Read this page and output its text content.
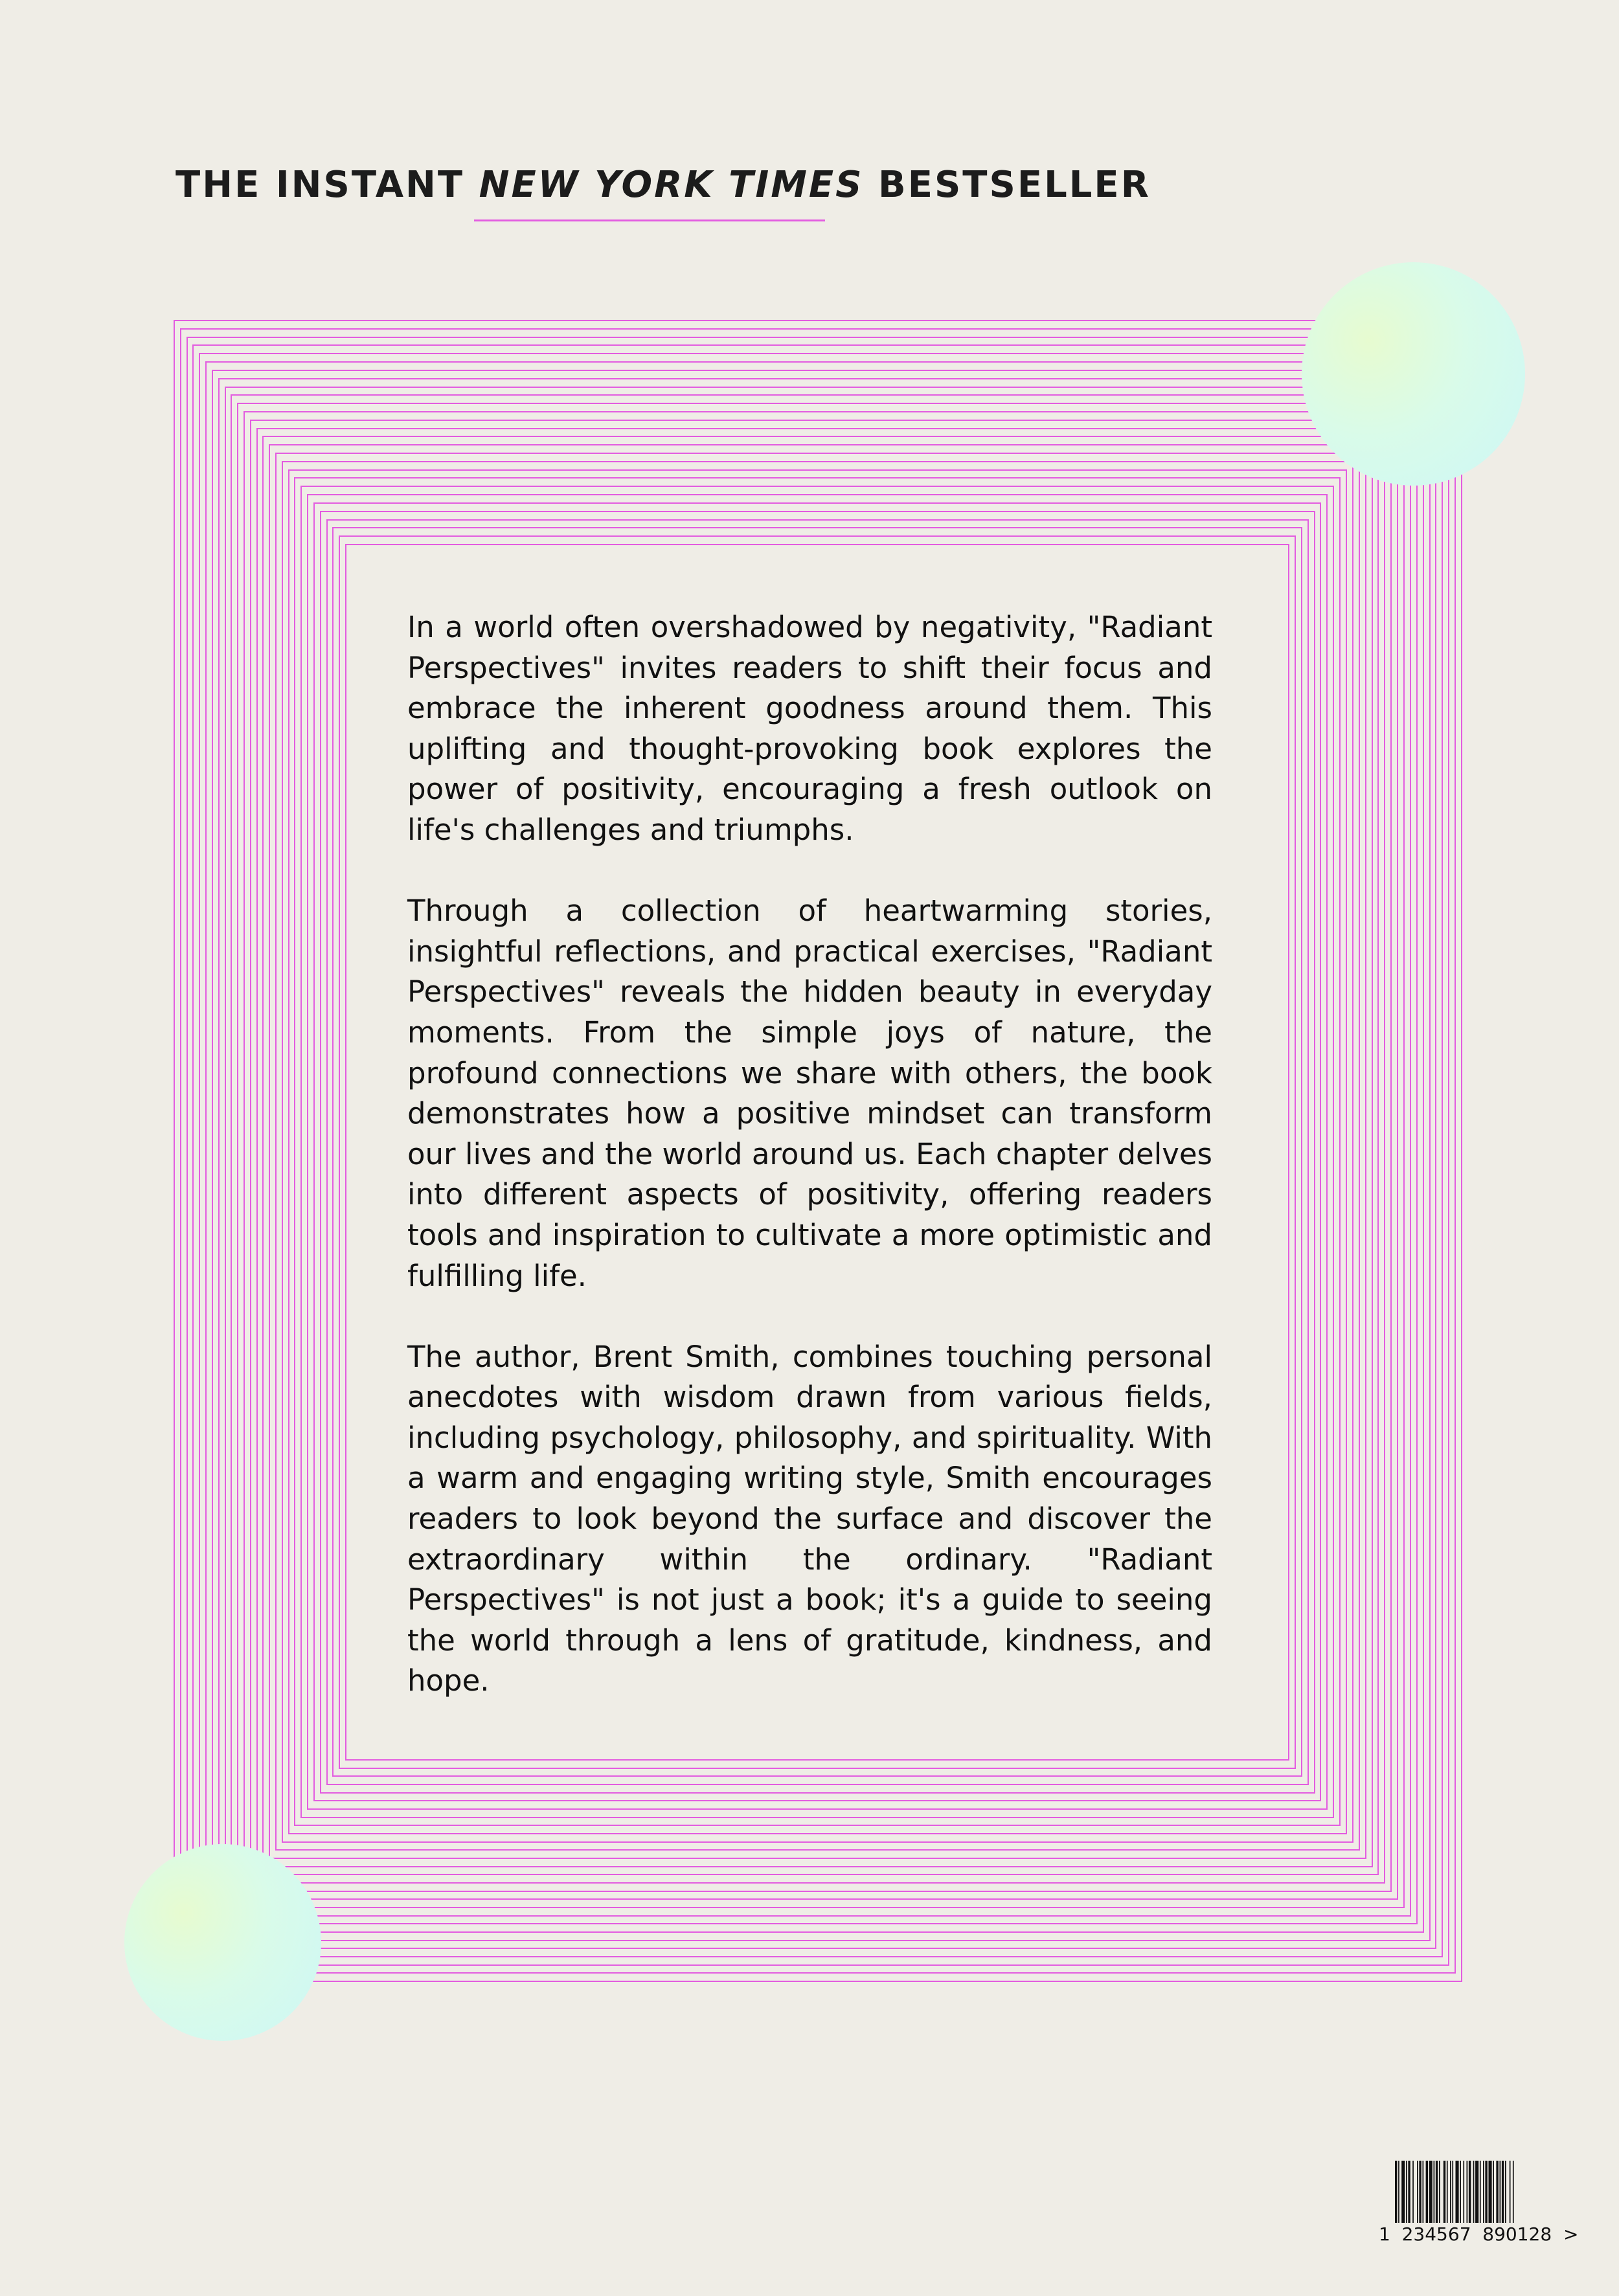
THE INSTANT NEW YORK TIMES BESTSELLER

In a world often overshadowed by negativity, "Radiant Perspectives" invites readers to shift their focus and embrace the inherent goodness around them. This uplifting and thought-provoking book explores the power of positivity, encouraging a fresh outlook on life's challenges and triumphs.

Through a collection of heartwarming stories, insightful reflections, and practical exercises, "Radiant Perspectives" reveals the hidden beauty in everyday moments. From the simple joys of nature, the profound connections we share with others, the book demonstrates how a positive mindset can transform our lives and the world around us. Each chapter delves into different aspects of positivity, offering readers tools and inspiration to cultivate a more optimistic and fulfilling life.

The author, Brent Smith, combines touching personal anecdotes with wisdom drawn from various fields, including psychology, philosophy, and spirituality. With a warm and engaging writing style, Smith encourages readers to look beyond the surface and discover the extraordinary within the ordinary. "Radiant Perspectives" is not just a book; it's a guide to seeing the world through a lens of gratitude, kindness, and hope.

1  234567  890128  >
